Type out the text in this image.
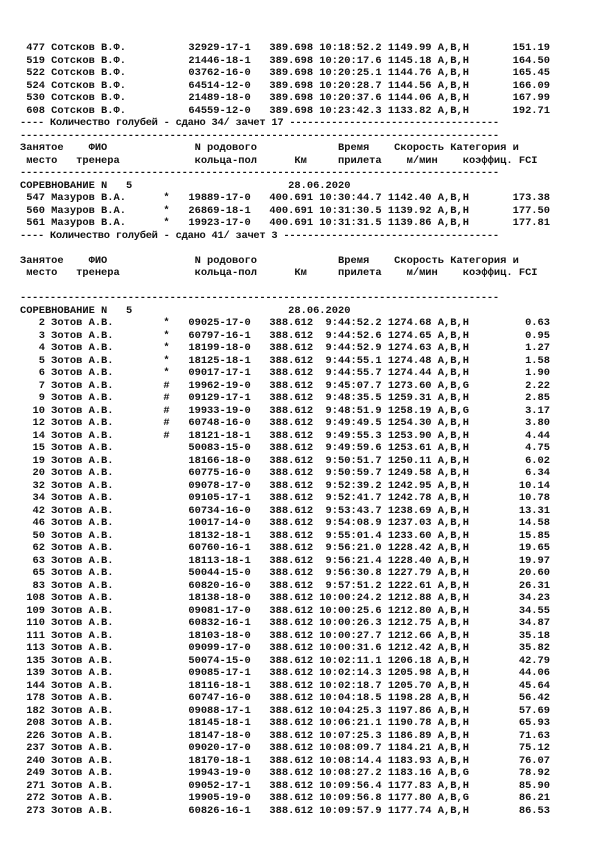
477 Сотсков В.Ф.          32929-17-1   389.698 10:18:52.2 1149.99 А,В,Н       151.19
519 Сотсков В.Ф.          21446-18-1   389.698 10:20:17.6 1145.18 А,В,Н       164.50
522 Сотсков В.Ф.          03762-16-0   389.698 10:20:25.1 1144.76 А,В,Н       165.45
524 Сотсков В.Ф.          64514-12-0   389.698 10:20:28.7 1144.56 А,В,Н       166.09
530 Сотсков В.Ф.          21489-18-0   389.698 10:20:37.6 1144.06 А,В,Н       167.99
608 Сотсков В.Ф.          64559-12-0   389.698 10:23:42.3 1133.82 А,В,Н       192.71
---- Количество голубей - сдано 34/ зачет 17 -----------------------------------
--------------------------------------------------------------------------------
Занятое    ФИО              N родового             Время    Скорость Категория и
место   тренера            кольца-пол      Км     прилета    м/мин    коэффиц. FCI
--------------------------------------------------------------------------------
СОРЕВНОВАНИЕ N   5                         28.06.2020
547 Мазуров В.А.      *   19889-17-0   400.691 10:30:44.7 1142.40 А,В,Н       173.38
560 Мазуров В.А.      *   26869-18-1   400.691 10:31:30.5 1139.92 А,В,Н       177.50
561 Мазуров В.А.      *   19923-17-0   400.691 10:31:31.5 1139.86 А,В,Н       177.81
---- Количество голубей - сдано 41/ зачет 3 ------------------------------------

Занятое    ФИО              N родового             Время    Скорость Категория и
место   тренера            кольца-пол      Км     прилета    м/мин    коэффиц. FCI

--------------------------------------------------------------------------------
СОРЕВНОВАНИЕ N   5                         28.06.2020
2 Зотов А.В.        *   09025-17-0   388.612  9:44:52.2 1274.68 А,В,Н         0.63
3 Зотов А.В.        *   60797-16-1   388.612  9:44:52.6 1274.65 А,В,Н         0.95
4 Зотов А.В.        *   18199-18-0   388.612  9:44:52.9 1274.63 А,В,Н         1.27
5 Зотов А.В.        *   18125-18-1   388.612  9:44:55.1 1274.48 А,В,Н         1.58
6 Зотов А.В.        *   09017-17-1   388.612  9:44:55.7 1274.44 А,В,Н         1.90
7 Зотов А.В.        #   19962-19-0   388.612  9:45:07.7 1273.60 А,В,G         2.22
9 Зотов А.В.        #   09129-17-1   388.612  9:48:35.5 1259.31 А,В,Н         2.85
10 Зотов А.В.        #   19933-19-0   388.612  9:48:51.9 1258.19 А,В,G         3.17
12 Зотов А.В.        #   60748-16-0   388.612  9:49:49.5 1254.30 А,В,Н         3.80
14 Зотов А.В.        #   18121-18-1   388.612  9:49:55.3 1253.90 А,В,Н         4.44
15 Зотов А.В.            50083-15-0   388.612  9:49:59.6 1253.61 А,В,Н         4.75
19 Зотов А.В.            18166-18-0   388.612  9:50:51.7 1250.11 А,В,Н         6.02
20 Зотов А.В.            60775-16-0   388.612  9:50:59.7 1249.58 А,В,Н         6.34
32 Зотов А.В.            09078-17-0   388.612  9:52:39.2 1242.95 А,В,Н        10.14
34 Зотов А.В.            09105-17-1   388.612  9:52:41.7 1242.78 А,В,Н        10.78
42 Зотов А.В.            60734-16-0   388.612  9:53:43.7 1238.69 А,В,Н        13.31
46 Зотов А.В.            10017-14-0   388.612  9:54:08.9 1237.03 А,В,Н        14.58
50 Зотов А.В.            18132-18-1   388.612  9:55:01.4 1233.60 А,В,Н        15.85
62 Зотов А.В.            60760-16-1   388.612  9:56:21.0 1228.42 А,В,Н        19.65
63 Зотов А.В.            18113-18-1   388.612  9:56:21.4 1228.40 А,В,Н        19.97
65 Зотов А.В.            50044-15-0   388.612  9:56:30.8 1227.79 А,В,Н        20.60
83 Зотов А.В.            60820-16-0   388.612  9:57:51.2 1222.61 А,В,Н        26.31
108 Зотов А.В.            18138-18-0   388.612 10:00:24.2 1212.88 А,В,Н        34.23
109 Зотов А.В.            09081-17-0   388.612 10:00:25.6 1212.80 А,В,Н        34.55
110 Зотов А.В.            60832-16-1   388.612 10:00:26.3 1212.75 А,В,Н        34.87
111 Зотов А.В.            18103-18-0   388.612 10:00:27.7 1212.66 А,В,Н        35.18
113 Зотов А.В.            09099-17-0   388.612 10:00:31.6 1212.42 А,В,Н        35.82
135 Зотов А.В.            50074-15-0   388.612 10:02:11.1 1206.18 А,В,Н        42.79
139 Зотов А.В.            09085-17-1   388.612 10:02:14.3 1205.98 А,В,Н        44.06
144 Зотов А.В.            18116-18-1   388.612 10:02:18.7 1205.70 А,В,Н        45.64
178 Зотов А.В.            60747-16-0   388.612 10:04:18.5 1198.28 А,В,Н        56.42
182 Зотов А.В.            09088-17-1   388.612 10:04:25.3 1197.86 А,В,Н        57.69
208 Зотов А.В.            18145-18-1   388.612 10:06:21.1 1190.78 А,В,Н        65.93
226 Зотов А.В.            18147-18-0   388.612 10:07:25.3 1186.89 А,В,Н        71.63
237 Зотов А.В.            09020-17-0   388.612 10:08:09.7 1184.21 А,В,Н        75.12
240 Зотов А.В.            18170-18-1   388.612 10:08:14.4 1183.93 А,В,Н        76.07
249 Зотов А.В.            19943-19-0   388.612 10:08:27.2 1183.16 А,В,G        78.92
271 Зотов А.В.            09052-17-1   388.612 10:09:56.4 1177.83 А,В,Н        85.90
272 Зотов А.В.            19905-19-0   388.612 10:09:56.8 1177.80 А,В,G        86.21
273 Зотов А.В.            60826-16-1   388.612 10:09:57.9 1177.74 А,В,Н        86.53
